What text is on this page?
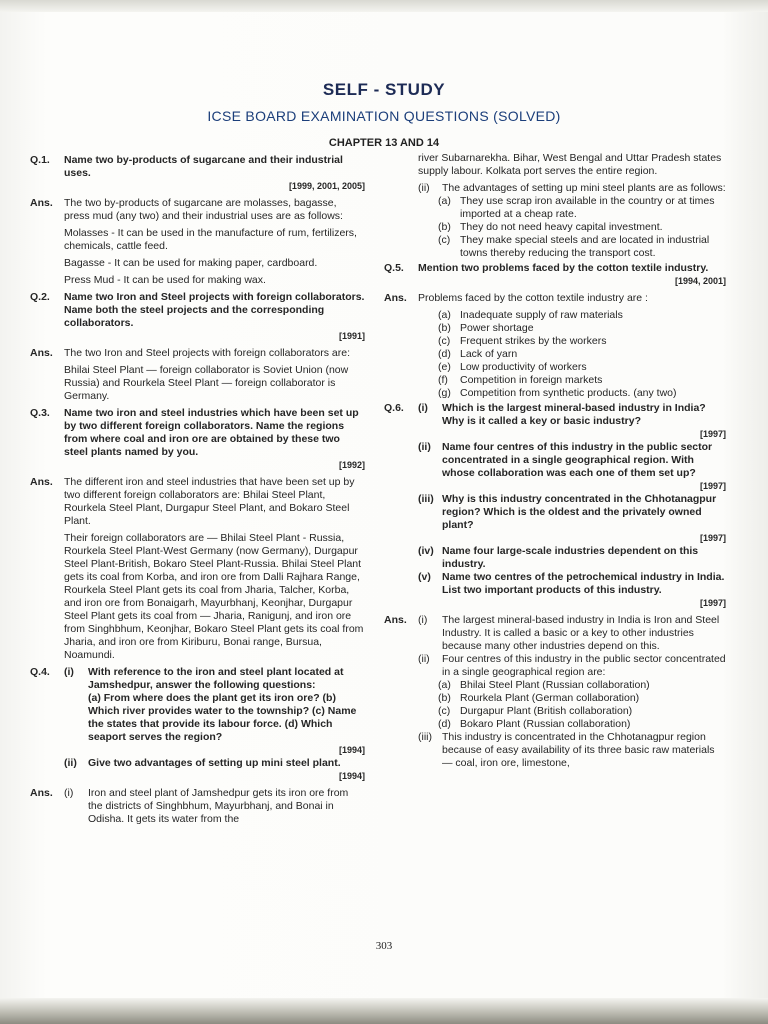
SELF - STUDY
ICSE BOARD EXAMINATION QUESTIONS (SOLVED)
CHAPTER 13 AND 14
Q.1.	Name two by-products of sugarcane and their industrial uses.
[1999, 2001, 2005]
Ans.	The two by-products of sugarcane are molasses, bagasse, press mud (any two) and their industrial uses are as follows:

Molasses - It can be used in the manufacture of rum, fertilizers, chemicals, cattle feed.

Bagasse - It can be used for making paper, cardboard.

Press Mud - It can be used for making wax.

Q.2.	Name two Iron and Steel projects with foreign collaborators. Name both the steel projects and the corresponding collaborators.
[1991]
Ans.	The two Iron and Steel projects with foreign collaborators are:

Bhilai Steel Plant — foreign collaborator is Soviet Union (now Russia) and Rourkela Steel Plant — foreign collaborator is Germany.

Q.3.	Name two iron and steel industries which have been set up by two different foreign collaborators. Name the regions from where coal and iron ore are obtained by these two steel plants named by you.
[1992]
Ans.	The different iron and steel industries that have been set up by two different foreign collaborators are: Bhilai Steel Plant, Rourkela Steel Plant, Durgapur Steel Plant, and Bokaro Steel Plant.

Their foreign collaborators are — Bhilai Steel Plant - Russia, Rourkela Steel Plant-West Germany (now Germany), Durgapur Steel Plant-British, Bokaro Steel Plant-Russia. Bhilai Steel Plant gets its coal from Korba, and iron ore from Dalli Rajhara Range, Rourkela Steel Plant gets its coal from Jharia, Talcher, Korba, and iron ore from Bonaigarh, Mayurbhanj, Keonjhar, Durgapur Steel Plant gets its coal from — Jharia, Ranigunj, and iron ore from Singhbhum, Keonjhar, Bokaro Steel Plant gets its coal from Jharia, and iron ore from Kiriburu, Bonai range, Bursua, Noamundi.

Q.4.	(i)	With reference to the iron and steel plant located at Jamshedpur, answer the following questions:
(a) From where does the plant get its iron ore? (b) Which river provides water to the township? (c) Name the states that provide its labour force. (d) Which seaport serves the region?
[1994]
(ii)	Give two advantages of setting up mini steel plant.
[1994]
Ans.	(i)	Iron and steel plant of Jamshedpur gets its iron ore from the districts of Singhbhum, Mayurbhanj, and Bonai in Odisha. It gets its water from the

river Subarnarekha. Bihar, West Bengal and Uttar Pradesh states supply labour. Kolkata port serves the entire region.

(ii)	The advantages of setting up mini steel plants are as follows:
(a) They use scrap iron available in the country or at times imported at a cheap rate.
(b) They do not need heavy capital investment.
(c) They make special steels and are located in industrial towns thereby reducing the transport cost.
Q.5.	Mention two problems faced by the cotton textile industry.
[1994, 2001]
Ans.	Problems faced by the cotton textile industry are :
(a) Inadequate supply of raw materials
(b) Power shortage
(c) Frequent strikes by the workers
(d) Lack of yarn
(e) Low productivity of workers
(f)	Competition in foreign markets
(g) Competition from synthetic products. (any two)
Q.6.	(i)	Which is the largest mineral-based industry in India? Why is it called a key or basic industry?
[1997]
(ii)	Name four centres of this industry in the public sector concentrated in a single geographical region. With whose collaboration was each one of them set up?
[1997]
(iii) Why is this industry concentrated in the Chhotanagpur region? Which is the oldest and the privately owned plant?
[1997]
(iv) Name four large-scale industries dependent on this industry.
(v)	Name two centres of the petrochemical industry in India. List two important products of this industry.
[1997]
Ans.	(i)	The largest mineral-based industry in India is Iron and Steel Industry. It is called a basic or a key to other industries because many other industries depend on this.
(ii)	Four centres of this industry in the public sector concentrated in a single geographical region are:
(a) Bhilai Steel Plant (Russian collaboration)
(b) Rourkela Plant (German collaboration)
(c) Durgapur Plant (British collaboration)
(d) Bokaro Plant (Russian collaboration)
(iii) This industry is concentrated in the Chhotanagpur region because of easy availability of its three basic raw materials — coal, iron ore, limestone,
303
